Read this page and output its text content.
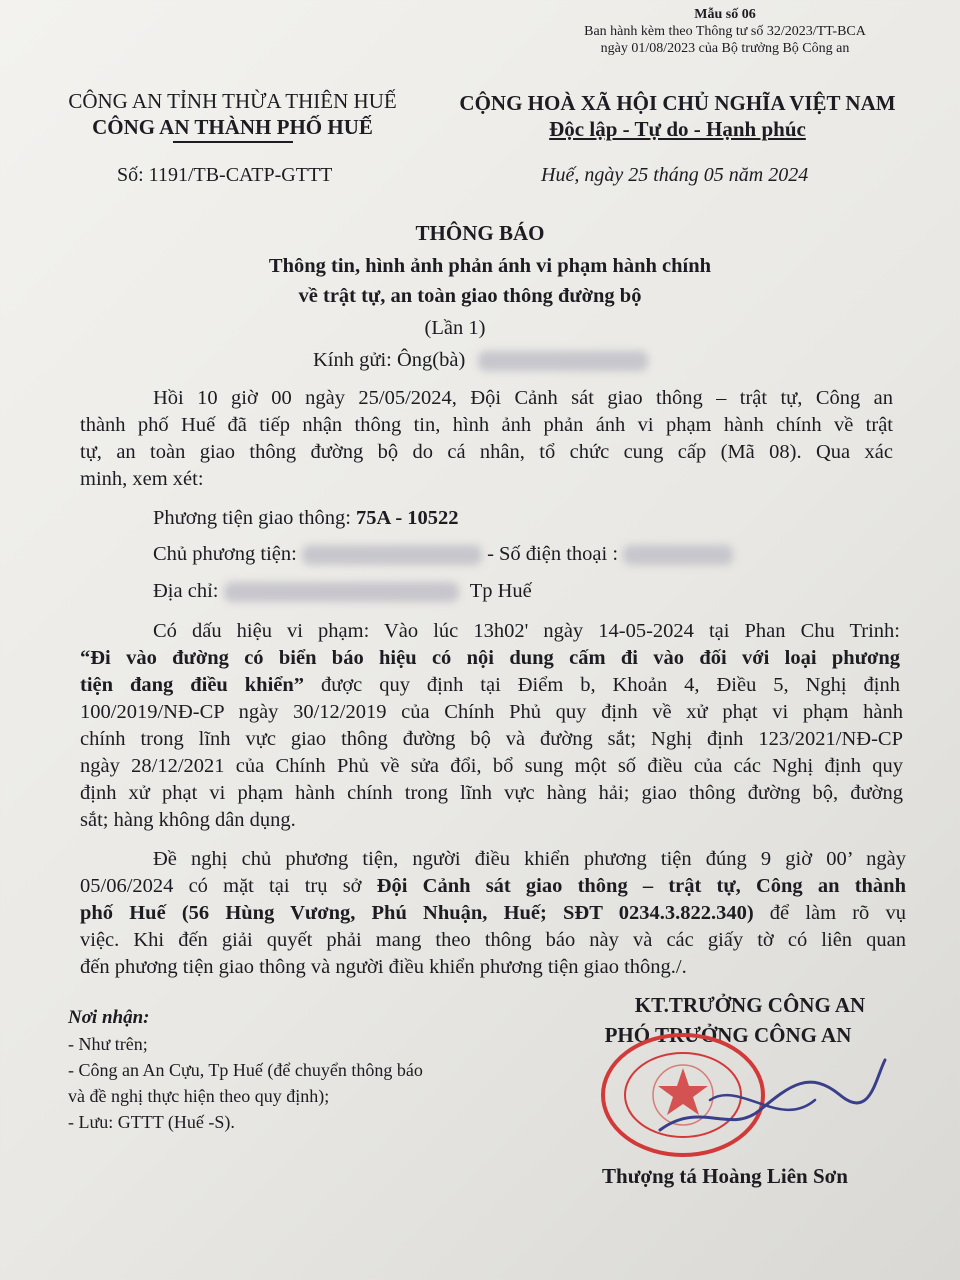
Mẫu số 06
Ban hành kèm theo Thông tư số 32/2023/TT-BCA
ngày 01/08/2023 của Bộ trưởng Bộ Công an
CÔNG AN TỈNH THỪA THIÊN HUẾ
CÔNG AN THÀNH PHỐ HUẾ
CỘNG HOÀ XÃ HỘI CHỦ NGHĨA VIỆT NAM
Độc lập - Tự do - Hạnh phúc
Số: 1191/TB-CATP-GTTT	Huế, ngày 25 tháng 05 năm 2024
THÔNG BÁO
Thông tin, hình ảnh phản ánh vi phạm hành chính
về trật tự, an toàn giao thông đường bộ
(Lần 1)
Kính gửi: Ông(bà)
Hồi 10 giờ 00 ngày 25/05/2024, Đội Cảnh sát giao thông – trật tự, Công an
thành phố Huế đã tiếp nhận thông tin, hình ảnh phản ánh vi phạm hành chính về trật
tự, an toàn giao thông đường bộ do cá nhân, tổ chức cung cấp (Mã 08). Qua xác
minh, xem xét:
Phương tiện giao thông: 75A - 10522
Chủ phương tiện:	- Số điện thoại :
Địa chỉ:	Tp Huế
Có dấu hiệu vi phạm: Vào lúc 13h02' ngày 14-05-2024 tại Phan Chu Trinh:
“Đi vào đường có biển báo hiệu có nội dung cấm đi vào đối với loại phương
tiện đang điều khiển” được quy định tại Điểm b, Khoản 4, Điều 5, Nghị định
100/2019/NĐ-CP ngày 30/12/2019 của Chính Phủ quy định về xử phạt vi phạm hành
chính trong lĩnh vực giao thông đường bộ và đường sắt; Nghị định 123/2021/NĐ-CP
ngày 28/12/2021 của Chính Phủ về sửa đổi, bổ sung một số điều của các Nghị định quy
định xử phạt vi phạm hành chính trong lĩnh vực hàng hải; giao thông đường bộ, đường
sắt; hàng không dân dụng.
Đề nghị chủ phương tiện, người điều khiển phương tiện đúng 9 giờ 00’ ngày
05/06/2024 có mặt tại trụ sở Đội Cảnh sát giao thông – trật tự, Công an thành
phố Huế (56 Hùng Vương, Phú Nhuận, Huế; SĐT 0234.3.822.340) để làm rõ vụ
việc. Khi đến giải quyết phải mang theo thông báo này và các giấy tờ có liên quan
đến phương tiện giao thông và người điều khiển phương tiện giao thông./.
Nơi nhận:
- Như trên;
- Công an An Cựu, Tp Huế (để chuyển thông báo
và đề nghị thực hiện theo quy định);
- Lưu: GTTT (Huế -S).
KT.TRƯỞNG CÔNG AN
PHÓ TRƯỞNG CÔNG AN
Thượng tá Hoàng Liên Sơn
